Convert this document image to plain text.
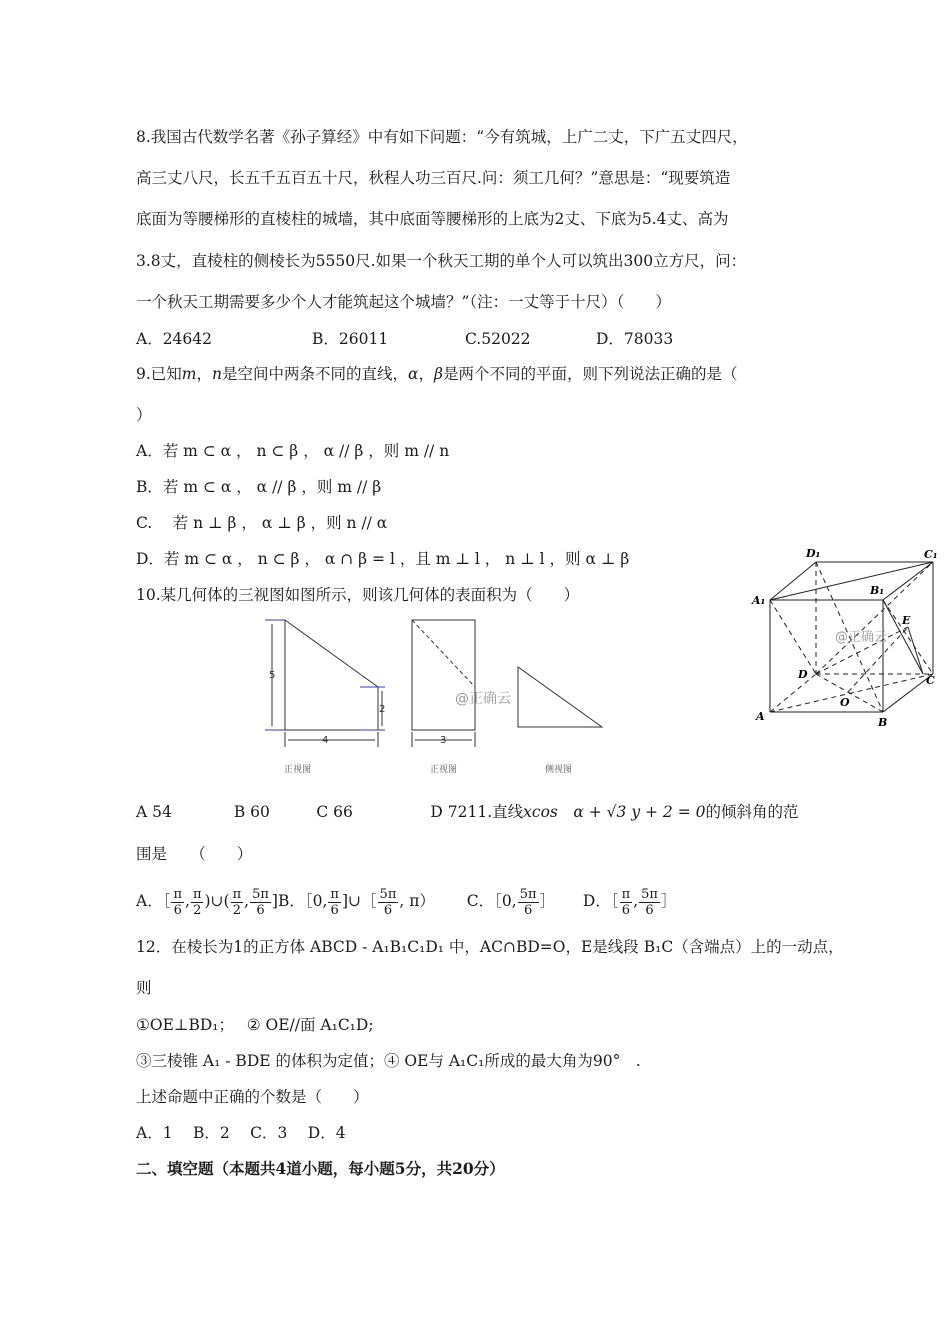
8.我国古代数学名著《孙子算经》中有如下问题：“今有筑城，上广二丈，下广五丈四尺，
高三丈八尺，长五千五百五十尺，秋程人功三百尺.问：须工几何？”意思是：“现要筑造
底面为等腰梯形的直棱柱的城墙，其中底面等腰梯形的上底为2丈、下底为5.4丈、高为
3.8丈，直棱柱的侧棱长为5550尺.如果一个秋天工期的单个人可以筑出300立方尺，问：
一个秋天工期需要多少个人才能筑起这个城墙？”（注：一丈等于十尺）（　　）
A．24642	B．26011	C.52022	D．78033
9.已知m，n是空间中两条不同的直线，α，β是两个不同的平面，则下列说法正确的是（
）
A．若 m ⊂ α ， n ⊂ β ， α // β ，则 m // n
B．若 m ⊂ α ， α // β ，则 m // β
C.　 若 n ⊥ β ， α ⊥ β ，则 n // α
D．若 m ⊂ α ， n ⊂ β ， α ∩ β = l ，且 m ⊥ l ， n ⊥ l ，则 α ⊥ β
10.某几何体的三视图如图所示，则该几何体的表面积为（　　）
5
2
4	3
正视图	正视图	侧视图
@正确云
D₁	C₁
A₁
B₁
E
D	C
O
A	B
@正确云
A 54　　　　B 60　　　C 66　　　　　D 7211.直线xcos　α + √3 y + 2 = 0的倾斜角的范
围是　　（　　）
A．［ $\frac{\pi}{6}$ , $\frac{\pi}{2}$ )∪( $\frac{\pi}{2}$ , $\frac{5\pi}{6} ]B$．［0, $\frac{\pi}{6}$ ]∪［ $\frac{5\pi}{6}$ , π） C．［0, $\frac{5\pi}{6}$ ］ D．［ $\frac{\pi}{6}$ , $\frac{5\pi}{6}$ ］
12．在棱长为1的正方体 ABCD - A₁B₁C₁D₁ 中，AC∩BD=O，E是线段 B₁C（含端点）上的一动点，
则
①OE⊥BD₁；　 ② OE//面 A₁C₁D;
③三棱锥 A₁ - BDE 的体积为定值；④ OE与 A₁C₁所成的最大角为90°　.
上述命题中正确的个数是（　　）
A．1　 B．2　 C．3　 D．4
二、填空题（本题共4道小题，每小题5分，共20分）
